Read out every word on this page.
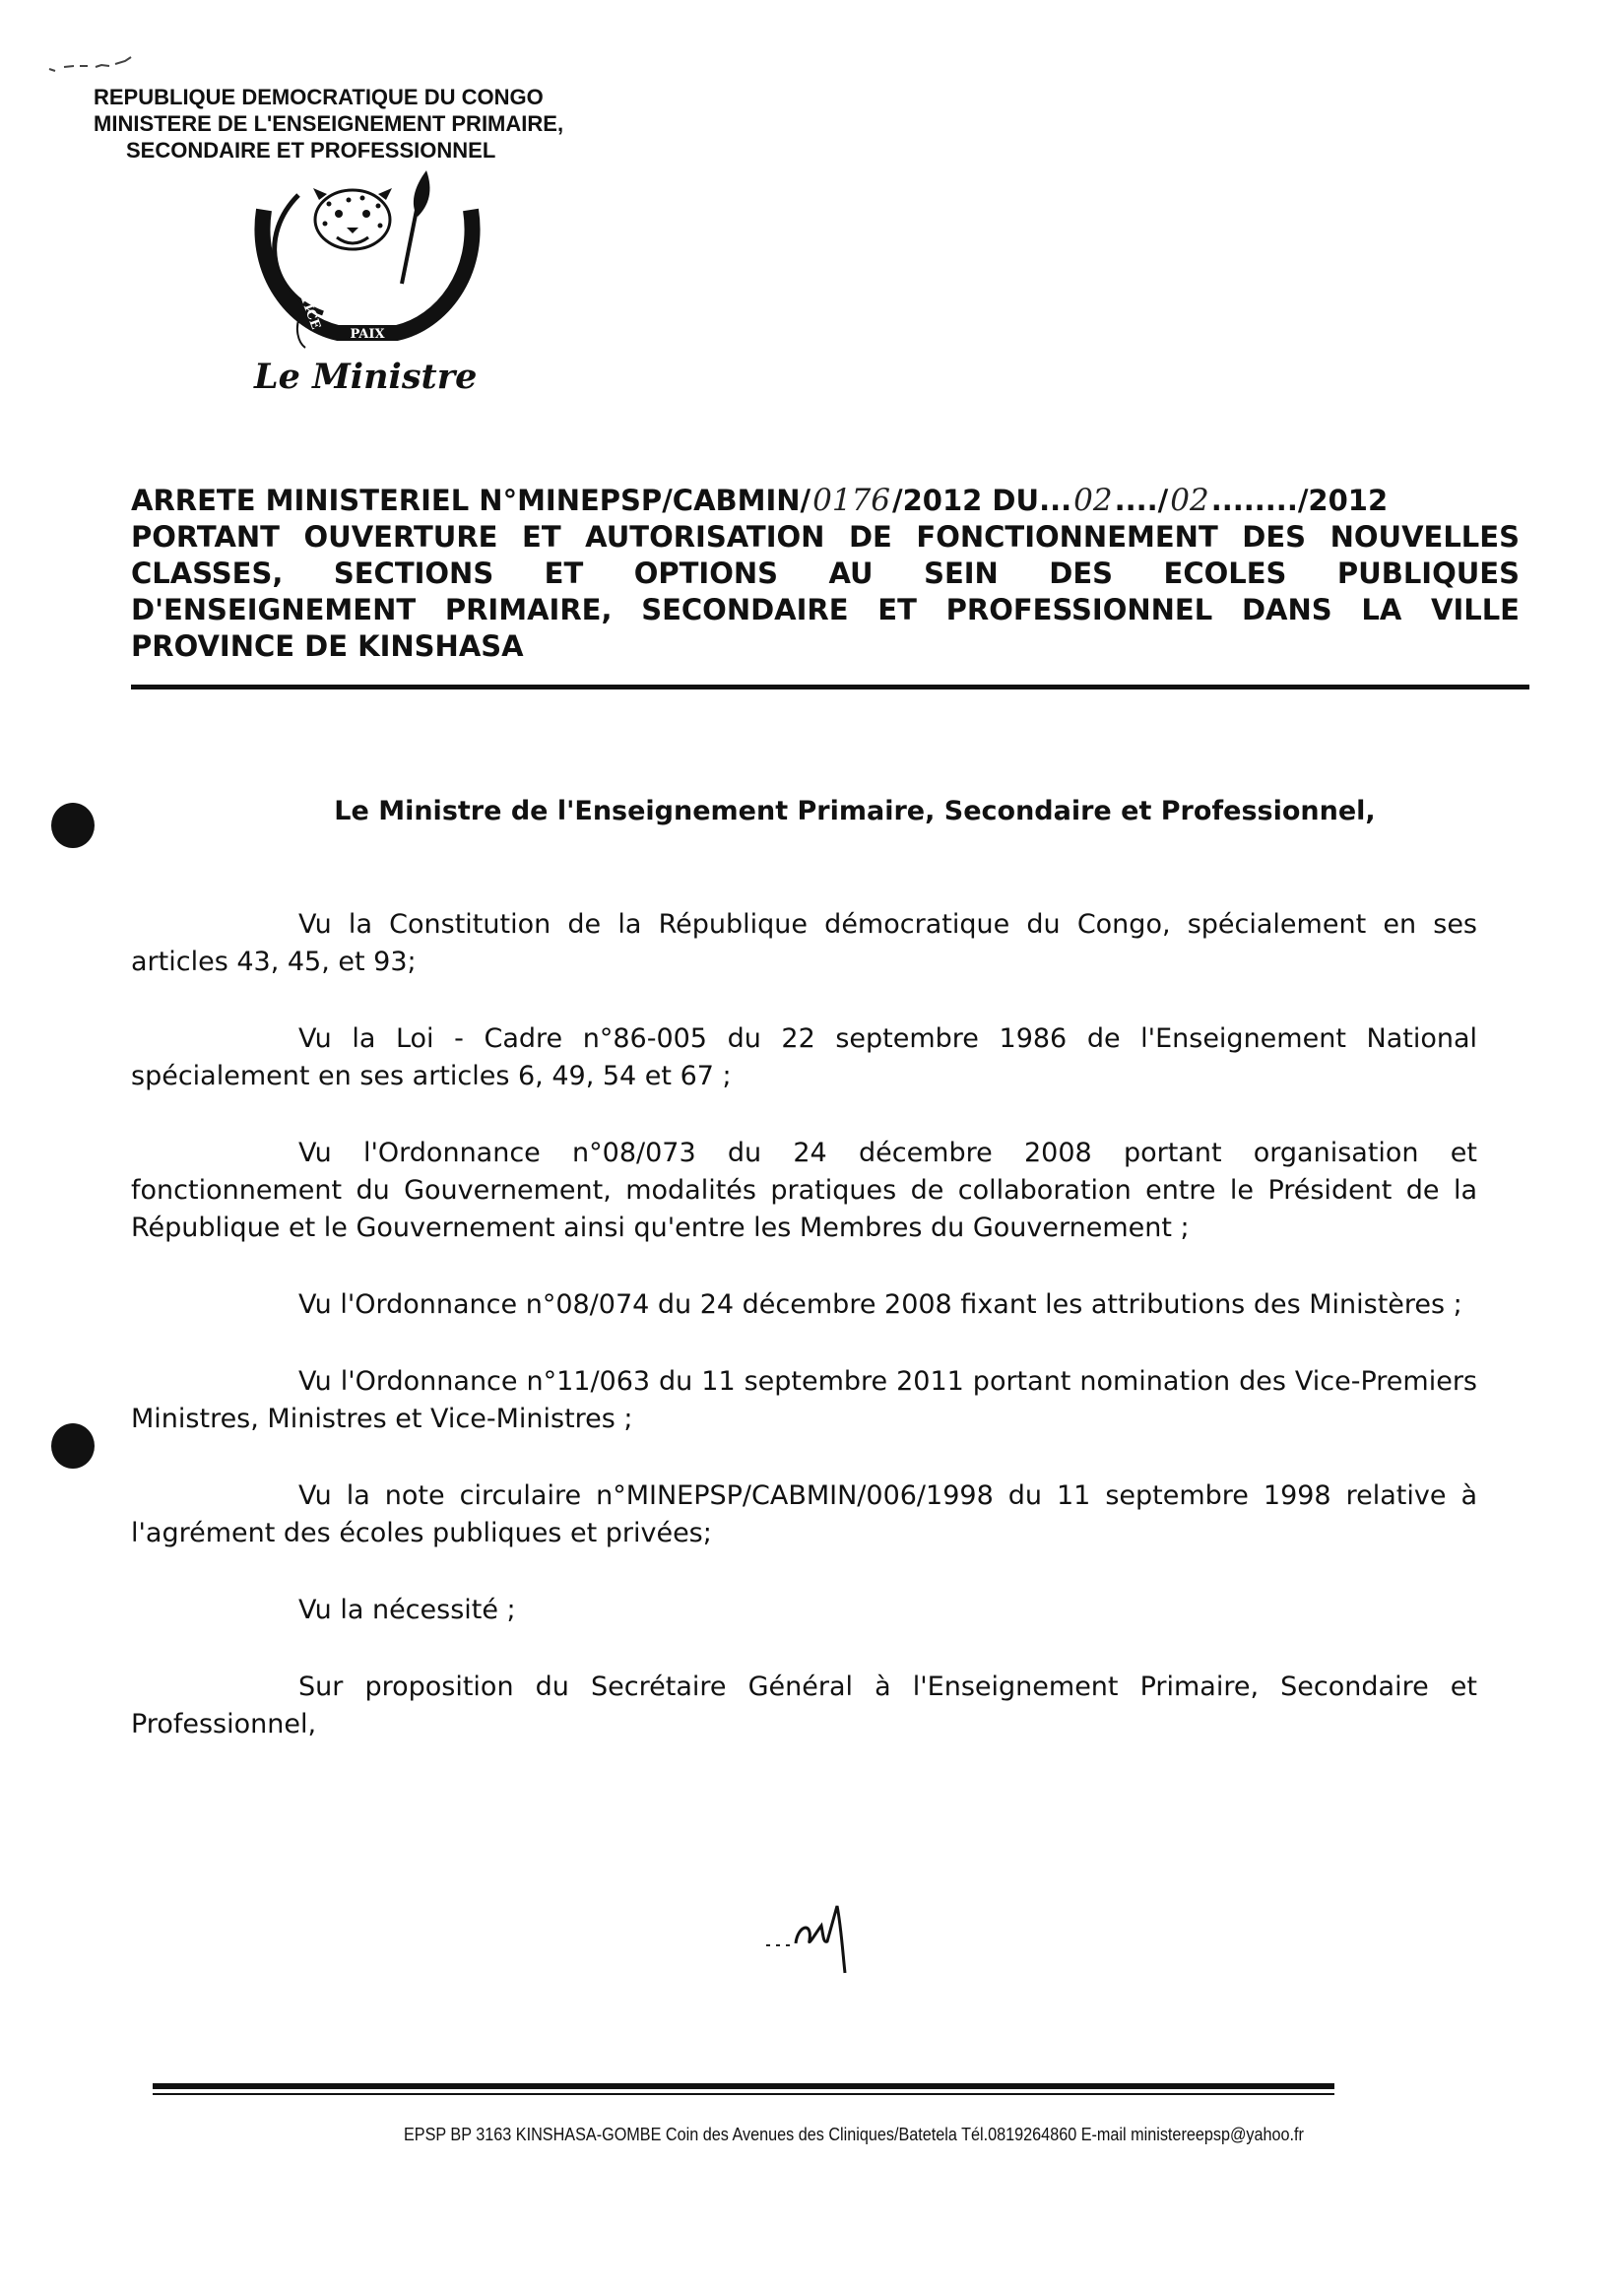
REPUBLIQUE DEMOCRATIQUE DU CONGO
MINISTERE DE L'ENSEIGNEMENT PRIMAIRE,
SECONDAIRE ET PROFESSIONNEL
JUSTICE
PAIX
TRAVAIL
Le Ministre
ARRETE MINISTERIEL N°MINEPSP/CABMIN/ 0176 /2012 DU ... 02 ..../ 02 ........ /2012
PORTANT OUVERTURE ET AUTORISATION DE FONCTIONNEMENT DES NOUVELLES
CLASSES, SECTIONS ET OPTIONS AU SEIN DES ECOLES PUBLIQUES
D'ENSEIGNEMENT PRIMAIRE, SECONDAIRE ET PROFESSIONNEL DANS LA VILLE
PROVINCE DE KINSHASA
Le Ministre de l'Enseignement Primaire, Secondaire et Professionnel,

Vu la Constitution de la République démocratique du Congo, spécialement en ses articles 43, 45, et 93;

Vu la Loi - Cadre n°86-005 du 22 septembre 1986 de l'Enseignement National spécialement en ses articles 6, 49, 54 et 67 ;

Vu l'Ordonnance n°08/073 du 24 décembre 2008 portant organisation et fonctionnement du Gouvernement, modalités pratiques de collaboration entre le Président de la République et le Gouvernement ainsi qu'entre les Membres du Gouvernement ;

Vu l'Ordonnance n°08/074 du 24 décembre 2008 fixant les attributions des Ministères ;

Vu l'Ordonnance n°11/063 du 11 septembre 2011 portant nomination des Vice-Premiers Ministres, Ministres et Vice-Ministres ;

Vu la note circulaire n°MINEPSP/CABMIN/006/1998 du 11 septembre 1998 relative à l'agrément des écoles publiques et privées;

Vu la nécessité ;

Sur proposition du Secrétaire Général à l'Enseignement Primaire, Secondaire et Professionnel,

EPSP BP 3163 KINSHASA-GOMBE Coin des Avenues des Cliniques/Batetela Tél.0819264860 E-mail ministereepsp@yahoo.fr
